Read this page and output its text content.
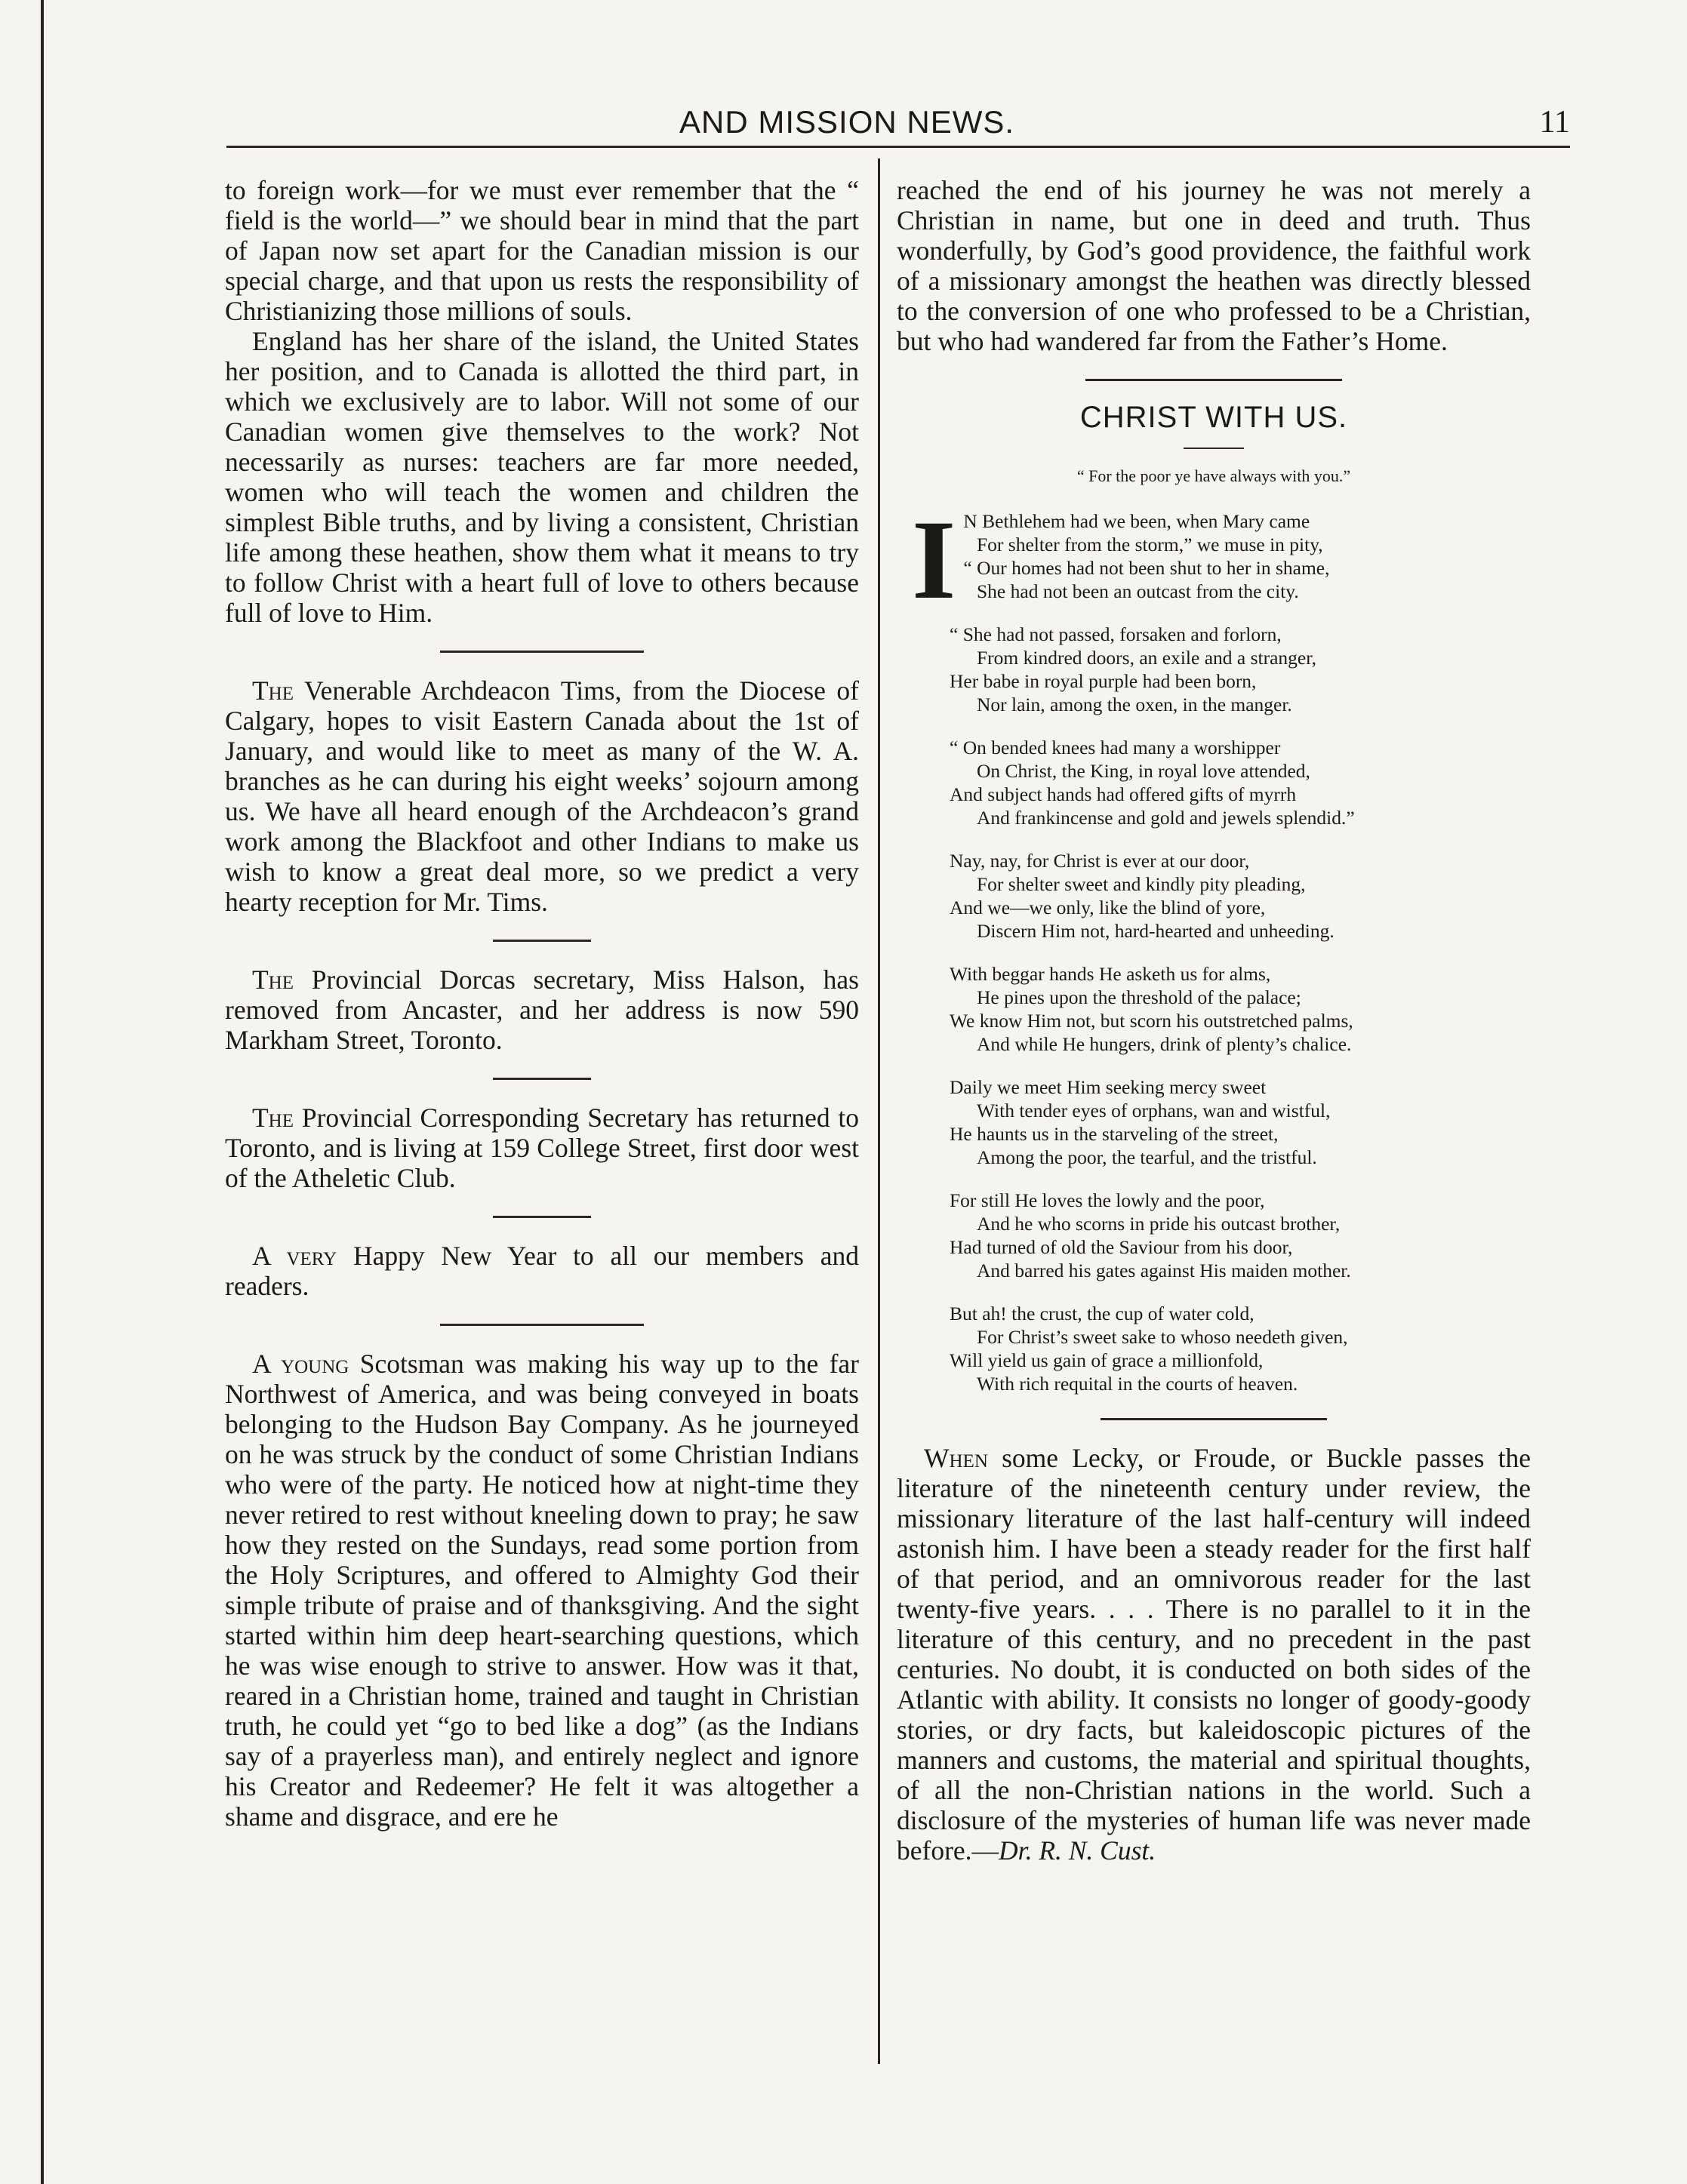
AND MISSION NEWS.	11

to foreign work—for we must ever remember that the “ field is the world—” we should bear in mind that the part of Japan now set apart for the Canadian mission is our special charge, and that upon us rests the responsibility of Christianizing those millions of souls.

England has her share of the island, the United States her position, and to Canada is allotted the third part, in which we exclusively are to labor. Will not some of our Canadian women give themselves to the work? Not necessarily as nurses: teachers are far more needed, women who will teach the women and children the simplest Bible truths, and by living a consistent, Christian life among these heathen, show them what it means to try to follow Christ with a heart full of love to others because full of love to Him.

The Venerable Archdeacon Tims, from the Diocese of Calgary, hopes to visit Eastern Canada about the 1st of January, and would like to meet as many of the W. A. branches as he can during his eight weeks’ sojourn among us. We have all heard enough of the Archdeacon’s grand work among the Blackfoot and other Indians to make us wish to know a great deal more, so we predict a very hearty reception for Mr. Tims.

The Provincial Dorcas secretary, Miss Halson, has removed from Ancaster, and her address is now 590 Markham Street, Toronto.

The Provincial Corresponding Secretary has returned to Toronto, and is living at 159 College Street, first door west of the Atheletic Club.

A very Happy New Year to all our members and readers.

A young Scotsman was making his way up to the far Northwest of America, and was being conveyed in boats belonging to the Hudson Bay Company. As he journeyed on he was struck by the conduct of some Christian Indians who were of the party. He noticed how at night-time they never retired to rest without kneeling down to pray; he saw how they rested on the Sundays, read some portion from the Holy Scriptures, and offered to Almighty God their simple tribute of praise and of thanksgiving. And the sight started within him deep heart-searching questions, which he was wise enough to strive to answer. How was it that, reared in a Christian home, trained and taught in Christian truth, he could yet “go to bed like a dog” (as the Indians say of a prayerless man), and entirely neglect and ignore his Creator and Redeemer? He felt it was altogether a shame and disgrace, and ere he

reached the end of his journey he was not merely a Christian in name, but one in deed and truth. Thus wonderfully, by God’s good providence, the faithful work of a missionary amongst the heathen was directly blessed to the conversion of one who professed to be a Christian, but who had wandered far from the Father’s Home.

CHRIST WITH US.
“ For the poor ye have always with you.”
I N Bethlehem had we been, when Mary came
For shelter from the storm,” we muse in pity,
“ Our homes had not been shut to her in shame,
She had not been an outcast from the city.
“ She had not passed, forsaken and forlorn,
From kindred doors, an exile and a stranger,
Her babe in royal purple had been born,
Nor lain, among the oxen, in the manger.
“ On bended knees had many a worshipper
On Christ, the King, in royal love attended,
And subject hands had offered gifts of myrrh
And frankincense and gold and jewels splendid.”
Nay, nay, for Christ is ever at our door,
For shelter sweet and kindly pity pleading,
And we—we only, like the blind of yore,
Discern Him not, hard-hearted and unheeding.
With beggar hands He asketh us for alms,
He pines upon the threshold of the palace;
We know Him not, but scorn his outstretched palms,
And while He hungers, drink of plenty’s chalice.
Daily we meet Him seeking mercy sweet
With tender eyes of orphans, wan and wistful,
He haunts us in the starveling of the street,
Among the poor, the tearful, and the tristful.
For still He loves the lowly and the poor,
And he who scorns in pride his outcast brother,
Had turned of old the Saviour from his door,
And barred his gates against His maiden mother.
But ah! the crust, the cup of water cold,
For Christ’s sweet sake to whoso needeth given,
Will yield us gain of grace a millionfold,
With rich requital in the courts of heaven.

When some Lecky, or Froude, or Buckle passes the literature of the nineteenth century under review, the missionary literature of the last half-century will indeed astonish him. I have been a steady reader for the first half of that period, and an omnivorous reader for the last twenty-five years. . . . There is no parallel to it in the literature of this century, and no precedent in the past centuries. No doubt, it is conducted on both sides of the Atlantic with ability. It consists no longer of goody-goody stories, or dry facts, but kaleidoscopic pictures of the manners and customs, the material and spiritual thoughts, of all the non-Christian nations in the world. Such a disclosure of the mysteries of human life was never made before.—Dr. R. N. Cust.
